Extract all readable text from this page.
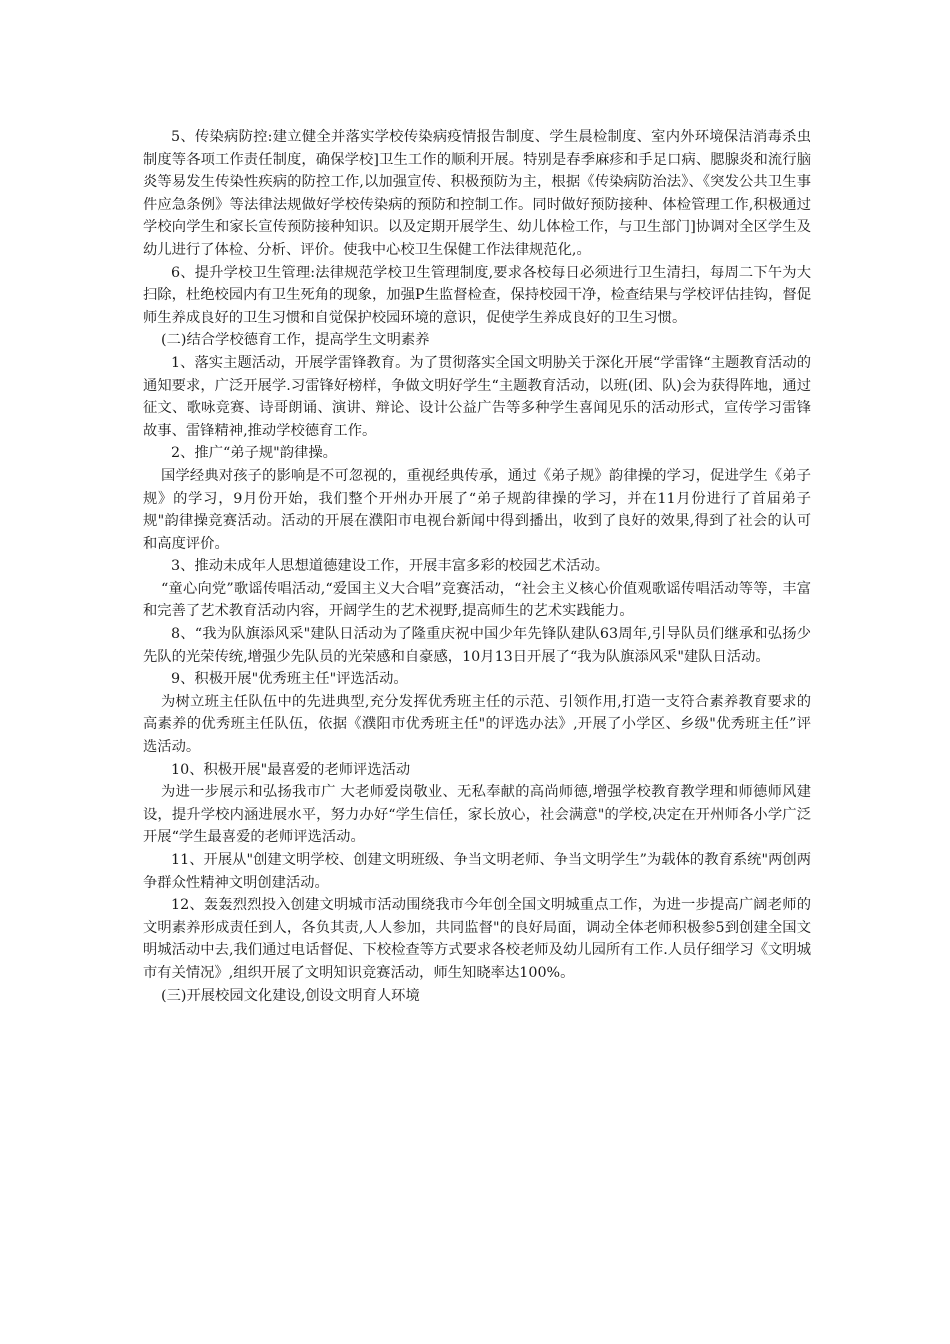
5、传染病防控:建立健全并落实学校传染病疫情报告制度、学生晨检制度、室内外环境保洁消毒杀虫制度等各项工作责任制度，确保学校]卫生工作的顺利开展。特别是春季麻疹和手足口病、腮腺炎和流行脑炎等易发生传染性疾病的防控工作,以加强宣传、积极预防为主，根据《传染病防治法》、《突发公共卫生事件应急条例》等法律法规做好学校传染病的预防和控制工作。同时做好预防接种、体检管理工作,积极通过学校向学生和家长宣传预防接种知识。以及定期开展学生、幼儿体检工作，与卫生部门]协调对全区学生及幼儿进行了体检、分析、评价。使我中心校卫生保健工作法律规范化,。

6、提升学校卫生管理:法律规范学校卫生管理制度,要求各校每日必须进行卫生清扫，每周二下午为大扫除，杜绝校园内有卫生死角的现象，加强P生监督检查，保持校园干净，检查结果与学校评估挂钩，督促师生养成良好的卫生习惯和自觉保护校园环境的意识，促使学生养成良好的卫生习惯。

(二)结合学校德育工作，提高学生文明素养

1、落实主题活动，开展学雷锋教育。为了贯彻落实全国文明胁关于深化开展“学雷锋“主题教育活动的通知要求，广泛开展学.习雷锋好榜样，争做文明好学生“主题教育活动，以班(团、队)会为获得阵地，通过征文、歌咏竞赛、诗哥朗诵、演讲、辩论、设计公益广告等多种学生喜闻见乐的活动形式，宣传学习雷锋故事、雷锋精神,推动学校德育工作。

2、推广“弟子规"韵律操。

国学经典对孩子的影响是不可忽视的，重视经典传承，通过《弟子规》韵律操的学习，促进学生《弟子规》的学习，9月份开始，我们整个开州办开展了“弟子规韵律操的学习，并在11月份进行了首届弟子规"韵律操竞赛活动。活动的开展在濮阳市电视台新闻中得到播出，收到了良好的效果,得到了社会的认可和高度评价。

3、推动未成年人思想道德建设工作，开展丰富多彩的校园艺术活动。

“童心向党”歌谣传唱活动,“爱国主义大合唱”竞赛活动，“社会主义核心价值观歌谣传唱活动等等，丰富和完善了艺术教育活动内容，开阔学生的艺术视野,提高师生的艺术实践能力。

8、“我为队旗添风采"建队日活动为了隆重庆祝中国少年先锋队建队63周年,引导队员们继承和弘扬少先队的光荣传统,增强少先队员的光荣感和自豪感，10月13日开展了“我为队旗添风采"建队日活动。

9、积极开展"优秀班主任"评选活动。

为树立班主任队伍中的先进典型,充分发挥优秀班主任的示范、引领作用,打造一支符合素养教育要求的高素养的优秀班主任队伍，依据《濮阳市优秀班主任"的评选办法》,开展了小学区、乡级"优秀班主任”评选活动。

10、积极开展"最喜爱的老师评选活动

为进一步展示和弘扬我市广 大老师爱岗敬业、无私奉献的高尚师德,增强学校教育教学理和师德师风建设，提升学校内涵进展水平，努力办好“学生信任，家长放心，社会满意"的学校,决定在开州师各小学广泛开展“学生最喜爱的老师评选活动。

11、开展从"创建文明学校、创建文明班级、争当文明老师、争当文明学生”为载体的教育系统"两创两争群众性精神文明创建活动。

12、轰轰烈烈投入创建文明城市活动围绕我市今年创全国文明城重点工作，为进一步提高广阔老师的文明素养形成责任到人，各负其责,人人参加，共同监督"的良好局面，调动全体老师积极参5到创建全国文明城活动中去,我们通过电话督促、下校检查等方式要求各校老师及幼儿园所有工作.人员仔细学习《文明城市有关情况》,组织开展了文明知识竞赛活动，师生知晓率达100%。

(三)开展校园文化建设,创设文明育人环境
